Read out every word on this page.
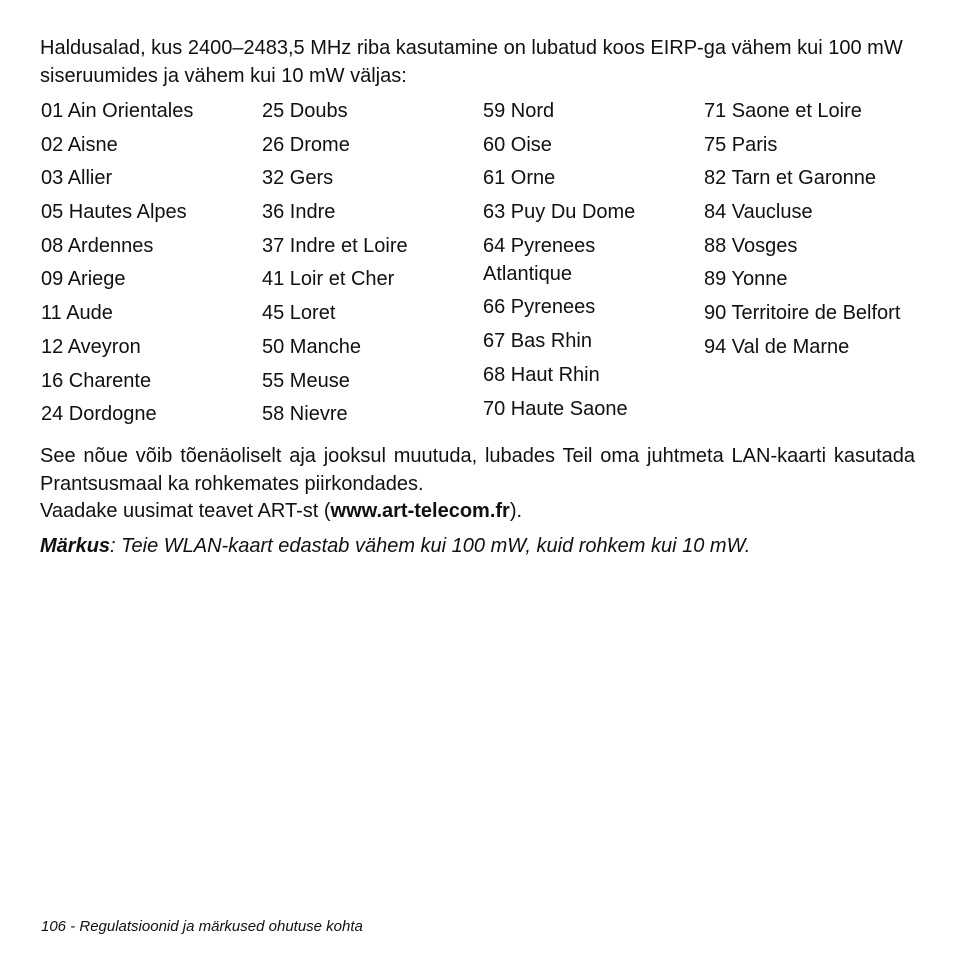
Haldusalad, kus 2400–2483,5 MHz riba kasutamine on lubatud koos EIRP-ga vähem kui 100 mW siseruumides ja vähem kui 10 mW väljas:

01 Ain Orientales
02 Aisne
03 Allier
05 Hautes Alpes
08 Ardennes
09 Ariege
11 Aude
12 Aveyron
16 Charente
24 Dordogne
25 Doubs
26 Drome
32 Gers
36 Indre
37 Indre et Loire
41 Loir et Cher
45 Loret
50 Manche
55 Meuse
58 Nievre
59 Nord
60 Oise
61 Orne
63 Puy Du Dome
64 Pyrenees Atlantique
66 Pyrenees
67 Bas Rhin
68 Haut Rhin
70 Haute Saone
71 Saone et Loire
75 Paris
82 Tarn et Garonne
84 Vaucluse
88 Vosges
89 Yonne
90 Territoire de Belfort
94 Val de Marne

See nõue võib tõenäoliselt aja jooksul muutuda, lubades Teil oma juhtmeta LAN-kaarti kasutada Prantsusmaal ka rohkemates piirkondades.

Vaadake uusimat teavet ART-st (www.art-telecom.fr).

Märkus: Teie WLAN-kaart edastab vähem kui 100 mW, kuid rohkem kui 10 mW.

106 - Regulatsioonid ja märkused ohutuse kohta
